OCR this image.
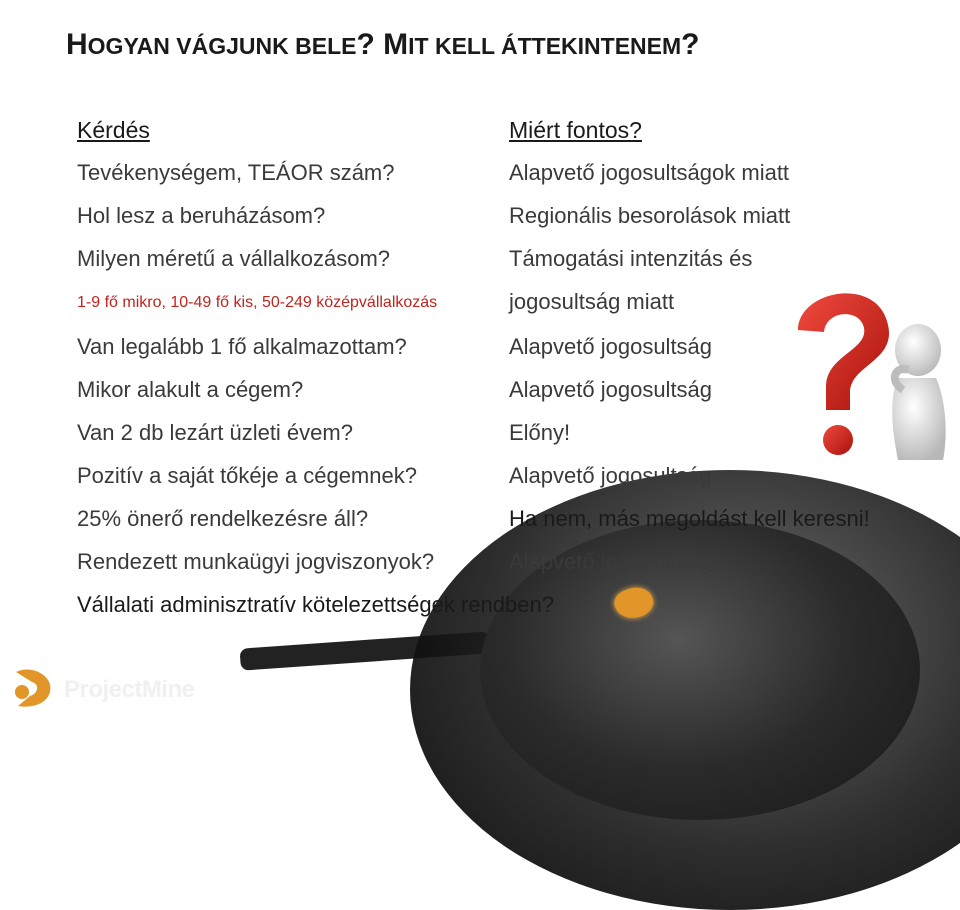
HOGYAN VÁGJUNK BELE? MIT KELL ÁTTEKINTENEM?
Kérdés
Tevékenységem, TEÁOR szám?
Hol lesz a beruházásom?
Milyen méretű a vállalkozásom?
1-9 fő mikro, 10-49 fő kis, 50-249 középvállalkozás
Van legalább 1 fő alkalmazottam?
Mikor alakult a cégem?
Van 2 db lezárt üzleti évem?
Pozitív a saját tőkéje a cégemnek?
25% önerő rendelkezésre áll?
Rendezett munkaügyi jogviszonyok?
Vállalati adminisztratív kötelezettségek rendben?
Miért fontos?
Alapvető jogosultságok miatt
Regionális besorolások miatt
Támogatási intenzitás és
jogosultság miatt
Alapvető jogosultság
Alapvető jogosultság
Előny!
Alapvető jogosultság
Ha nem, más megoldást kell keresni!
Alapvető jogosultság
ProjectMine
